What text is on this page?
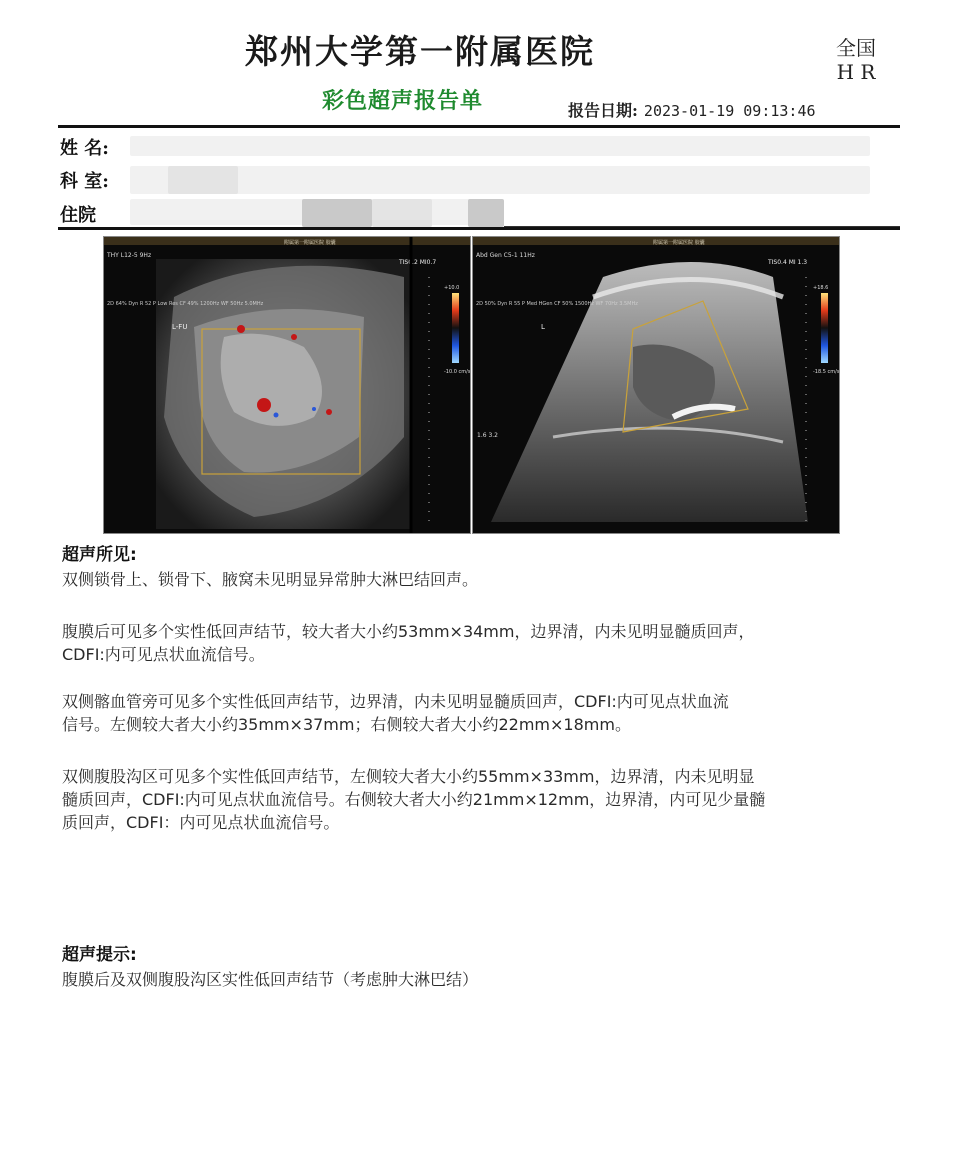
郑州大学第一附属医院	全国
H R
彩色超声报告单	报告日期: 2023-01-19 09:13:46
姓 名:
科 室:
住院
附属第一附属医院 胶囊
THY L12-5 9Hz
2D 64% Dyn R 52 P Low Res CF 49% 1200Hz WF 50Hz 5.0MHz
L-FU
TIS0.2 MI0.7
+10.0
-10.0 cm/s
附属第一附属医院 胶囊
Abd Gen C5-1 11Hz
2D 50% Dyn R 55 P Med HGen CF 50% 1500Hz WF 70Hz 3.5MHz
L
1.6 3.2
TIS0.4 MI 1.3
+18.6
-18.5 cm/s
超声所见:
双侧锁骨上、锁骨下、腋窝未见明显异常肿大淋巴结回声。
腹膜后可见多个实性低回声结节，较大者大小约53mm×34mm，边界清，内未见明显髓质回声，
CDFI:内可见点状血流信号。
双侧髂血管旁可见多个实性低回声结节，边界清，内未见明显髓质回声，CDFI:内可见点状血流
信号。左侧较大者大小约35mm×37mm；右侧较大者大小约22mm×18mm。
双侧腹股沟区可见多个实性低回声结节，左侧较大者大小约55mm×33mm，边界清，内未见明显
髓质回声，CDFI:内可见点状血流信号。右侧较大者大小约21mm×12mm，边界清，内可见少量髓
质回声，CDFI：内可见点状血流信号。
超声提示:
腹膜后及双侧腹股沟区实性低回声结节（考虑肿大淋巴结）
